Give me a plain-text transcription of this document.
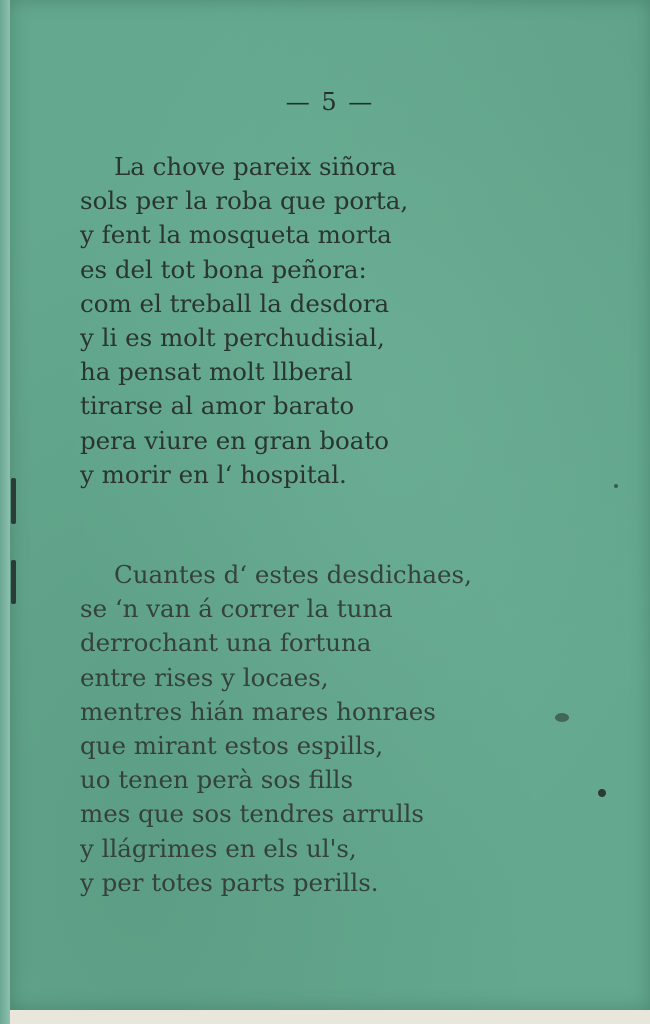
— 5 —
La chove pareix siñora
sols per la roba que porta,
y fent la mosqueta morta
es del tot bona peñora:
com el treball la desdora
y li es molt perchudisial,
ha pensat molt llberal
tirarse al amor barato
pera viure en gran boato
y morir en l‘ hospital.
Cuantes d‘ estes desdichaes,
se ‘n van á correr la tuna
derrochant una fortuna
entre rises y locaes,
mentres hián mares honraes
que mirant estos espills,
uo tenen perà sos fills
mes que sos tendres arrulls
y llágrimes en els ul's,
y per totes parts perills.
